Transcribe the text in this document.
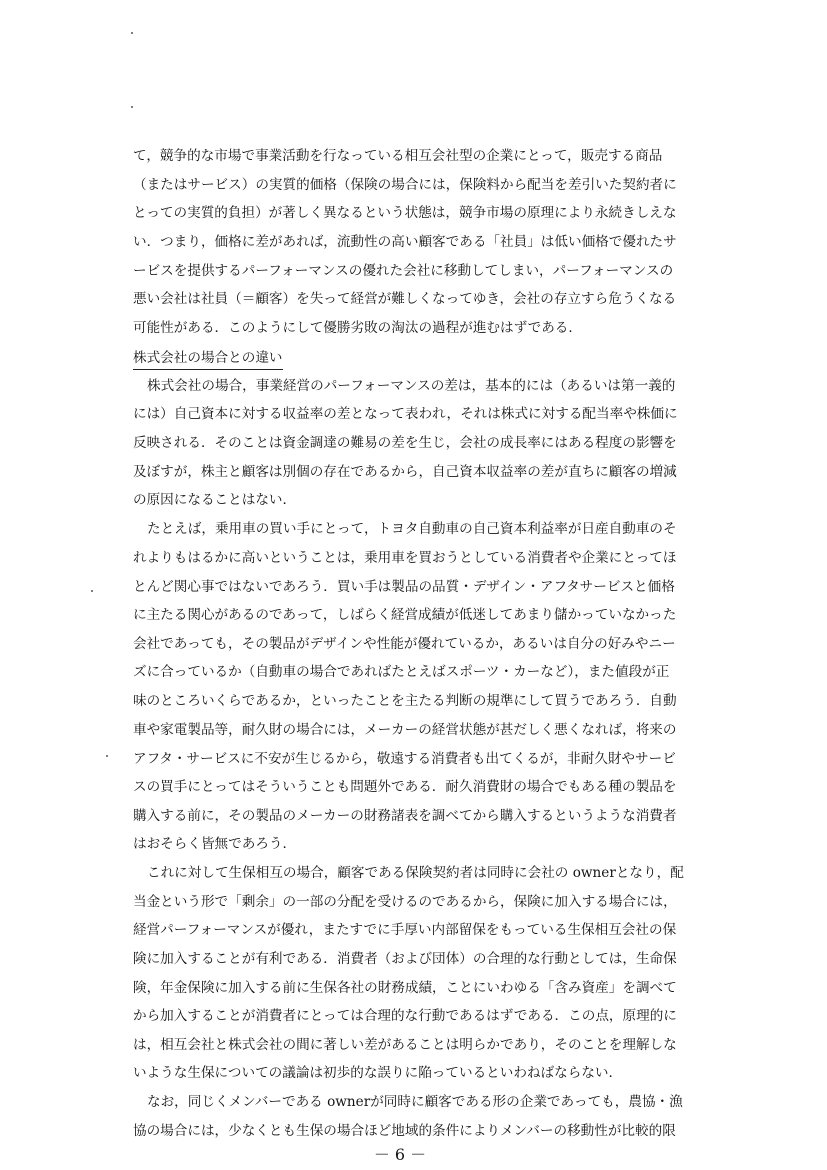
て，競争的な市場で事業活動を行なっている相互会社型の企業にとって，販売する商品
（またはサービス）の実質的価格（保険の場合には，保険料から配当を差引いた契約者に
とっての実質的負担）が著しく異なるという状態は，競争市場の原理により永続きしえな
い．つまり，価格に差があれば，流動性の高い顧客である「社員」は低い価格で優れたサ
ービスを提供するパーフォーマンスの優れた会社に移動してしまい，パーフォーマンスの
悪い会社は社員（＝顧客）を失って経営が難しくなってゆき，会社の存立すら危うくなる
可能性がある．このようにして優勝劣敗の淘汰の過程が進むはずである．
株式会社の場合との違い
株式会社の場合，事業経営のパーフォーマンスの差は，基本的には（あるいは第一義的
には）自己資本に対する収益率の差となって表われ，それは株式に対する配当率や株価に
反映される．そのことは資金調達の難易の差を生じ，会社の成長率にはある程度の影響を
及ぼすが，株主と顧客は別個の存在であるから，自己資本収益率の差が直ちに顧客の増減
の原因になることはない．
たとえば，乗用車の買い手にとって，トヨタ自動車の自己資本利益率が日産自動車のそ
れよりもはるかに高いということは，乗用車を買おうとしている消費者や企業にとってほ
とんど関心事ではないであろう．買い手は製品の品質・デザイン・アフタサービスと価格
に主たる関心があるのであって，しばらく経営成績が低迷してあまり儲かっていなかった
会社であっても，その製品がデザインや性能が優れているか，あるいは自分の好みやニー
ズに合っているか（自動車の場合であればたとえばスポーツ・カーなど），また値段が正
味のところいくらであるか，といったことを主たる判断の規準にして買うであろう．自動
車や家電製品等，耐久財の場合には，メーカーの経営状態が甚だしく悪くなれば，将来の
アフタ・サービスに不安が生じるから，敬遠する消費者も出てくるが，非耐久財やサービ
スの買手にとってはそういうことも問題外である．耐久消費財の場合でもある種の製品を
購入する前に，その製品のメーカーの財務諸表を調べてから購入するというような消費者
はおそらく皆無であろう．
これに対して生保相互の場合，顧客である保険契約者は同時に会社の ownerとなり，配
当金という形で「剰余」の一部の分配を受けるのであるから，保険に加入する場合には，
経営パーフォーマンスが優れ，またすでに手厚い内部留保をもっている生保相互会社の保
険に加入することが有利である．消費者（および団体）の合理的な行動としては，生命保
険，年金保険に加入する前に生保各社の財務成績，ことにいわゆる「含み資産」を調べて
から加入することが消費者にとっては合理的な行動であるはずである．この点，原理的に
は，相互会社と株式会社の間に著しい差があることは明らかであり，そのことを理解しな
いような生保についての議論は初歩的な誤りに陥っているといわねばならない．
なお，同じくメンバーである ownerが同時に顧客である形の企業であっても，農協・漁
協の場合には，少なくとも生保の場合ほど地域的条件によりメンバーの移動性が比較的限
－ 6 －
